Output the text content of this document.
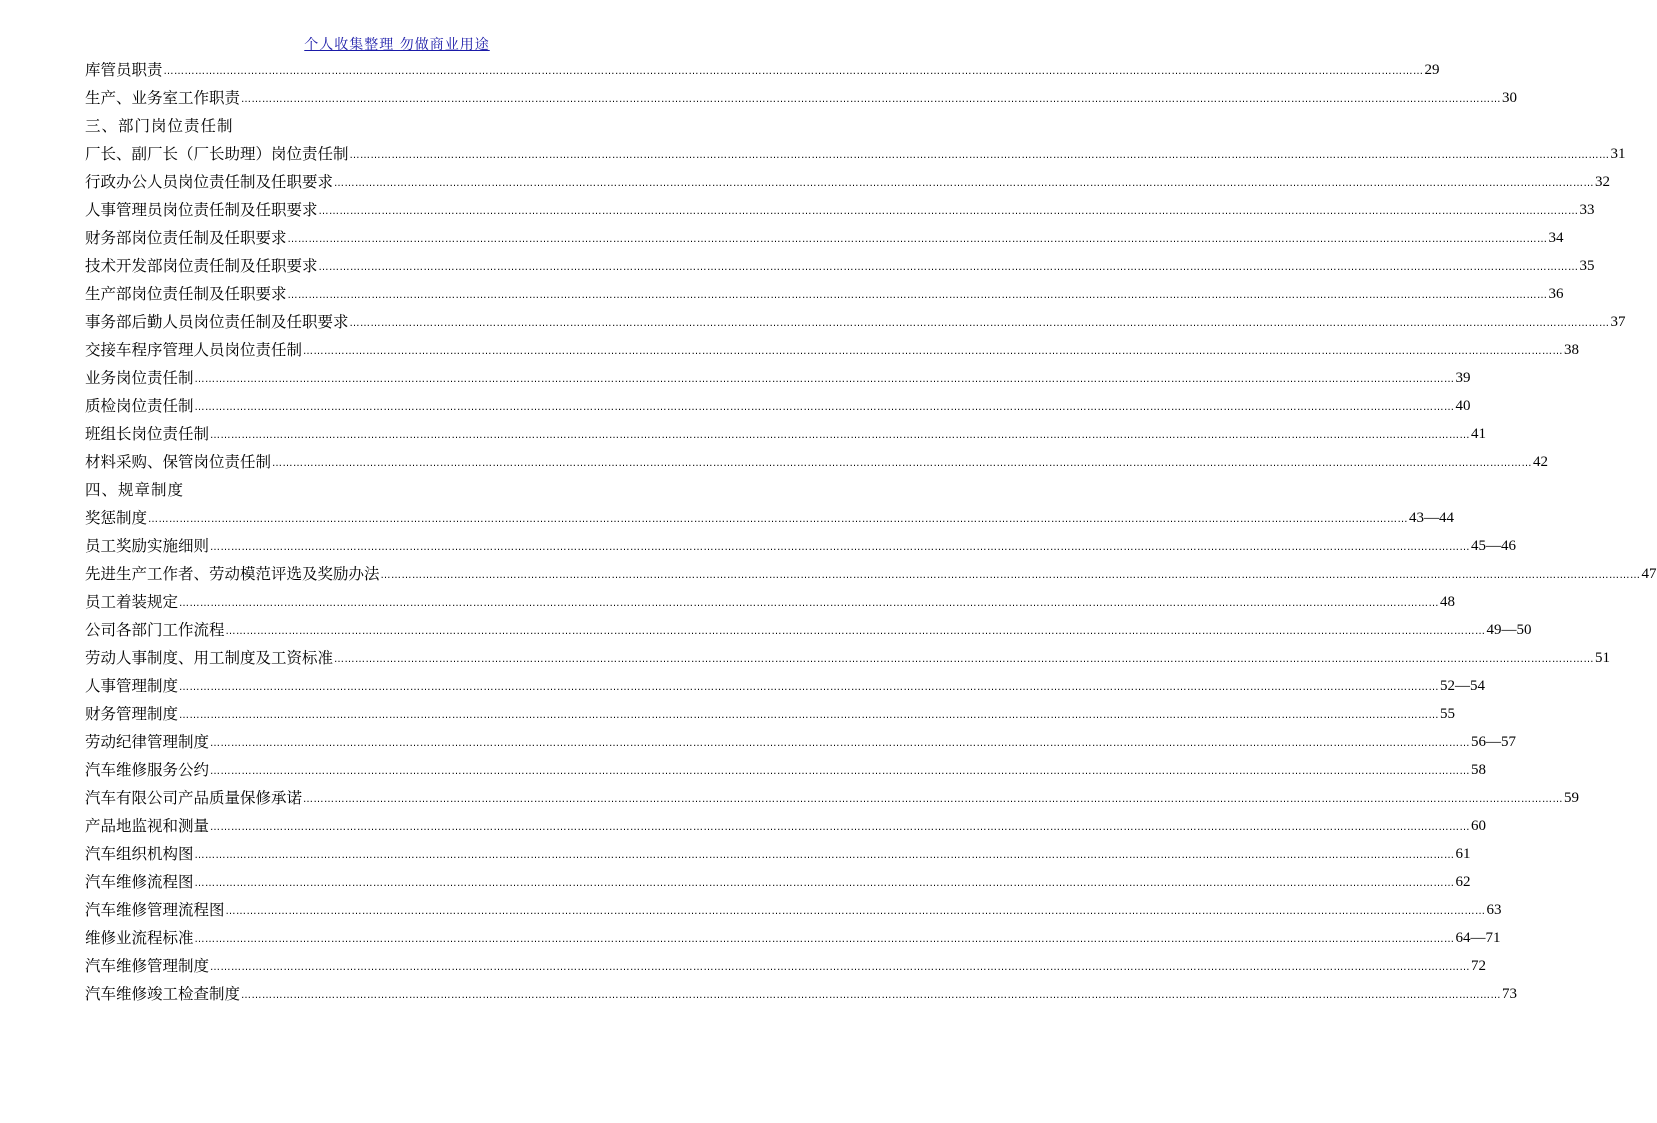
个人收集整理 勿做商业用途
库管员职责 ……………………………………………………………………………………………………………………………………………………………………………………………………………………………………………………………………………………………………………………………… 29
生产、业务室工作职责 ……………………………………………………………………………………………………………………………………………………………………………………………………………………………………………………………………………………………………………………………… 30
三、部门岗位责任制
厂长、副厂长（厂长助理）岗位责任制 ……………………………………………………………………………………………………………………………………………………………………………………………………………………………………………………………………………………………………………………………… 31
行政办公人员岗位责任制及任职要求 ……………………………………………………………………………………………………………………………………………………………………………………………………………………………………………………………………………………………………………………………… 32
人事管理员岗位责任制及任职要求 ……………………………………………………………………………………………………………………………………………………………………………………………………………………………………………………………………………………………………………………………… 33
财务部岗位责任制及任职要求 ……………………………………………………………………………………………………………………………………………………………………………………………………………………………………………………………………………………………………………………………… 34
技术开发部岗位责任制及任职要求 ……………………………………………………………………………………………………………………………………………………………………………………………………………………………………………………………………………………………………………………………… 35
生产部岗位责任制及任职要求 ……………………………………………………………………………………………………………………………………………………………………………………………………………………………………………………………………………………………………………………………… 36
事务部后勤人员岗位责任制及任职要求 ……………………………………………………………………………………………………………………………………………………………………………………………………………………………………………………………………………………………………………………………… 37
交接车程序管理人员岗位责任制 ……………………………………………………………………………………………………………………………………………………………………………………………………………………………………………………………………………………………………………………………… 38
业务岗位责任制 ……………………………………………………………………………………………………………………………………………………………………………………………………………………………………………………………………………………………………………………………… 39
质检岗位责任制 ……………………………………………………………………………………………………………………………………………………………………………………………………………………………………………………………………………………………………………………………… 40
班组长岗位责任制 ……………………………………………………………………………………………………………………………………………………………………………………………………………………………………………………………………………………………………………………………… 41
材料采购、保管岗位责任制 ……………………………………………………………………………………………………………………………………………………………………………………………………………………………………………………………………………………………………………………………… 42
四、规章制度
奖惩制度 ……………………………………………………………………………………………………………………………………………………………………………………………………………………………………………………………………………………………………………………………… 43—44
员工奖励实施细则 ……………………………………………………………………………………………………………………………………………………………………………………………………………………………………………………………………………………………………………………………… 45—46
先进生产工作者、劳动模范评选及奖励办法 ……………………………………………………………………………………………………………………………………………………………………………………………………………………………………………………………………………………………………………………………… 47
员工着装规定 ……………………………………………………………………………………………………………………………………………………………………………………………………………………………………………………………………………………………………………………………… 48
公司各部门工作流程 ……………………………………………………………………………………………………………………………………………………………………………………………………………………………………………………………………………………………………………………………… 49—50
劳动人事制度、用工制度及工资标准 ……………………………………………………………………………………………………………………………………………………………………………………………………………………………………………………………………………………………………………………………… 51
人事管理制度 ……………………………………………………………………………………………………………………………………………………………………………………………………………………………………………………………………………………………………………………………… 52—54
财务管理制度 ……………………………………………………………………………………………………………………………………………………………………………………………………………………………………………………………………………………………………………………………… 55
劳动纪律管理制度 ……………………………………………………………………………………………………………………………………………………………………………………………………………………………………………………………………………………………………………………………… 56—57
汽车维修服务公约 ……………………………………………………………………………………………………………………………………………………………………………………………………………………………………………………………………………………………………………………………… 58
汽车有限公司产品质量保修承诺 ……………………………………………………………………………………………………………………………………………………………………………………………………………………………………………………………………………………………………………………………… 59
产品地监视和测量 ……………………………………………………………………………………………………………………………………………………………………………………………………………………………………………………………………………………………………………………………… 60
汽车组织机构图 ……………………………………………………………………………………………………………………………………………………………………………………………………………………………………………………………………………………………………………………………… 61
汽车维修流程图 ……………………………………………………………………………………………………………………………………………………………………………………………………………………………………………………………………………………………………………………………… 62
汽车维修管理流程图 ……………………………………………………………………………………………………………………………………………………………………………………………………………………………………………………………………………………………………………………………… 63
维修业流程标准 ……………………………………………………………………………………………………………………………………………………………………………………………………………………………………………………………………………………………………………………………… 64—71
汽车维修管理制度 ……………………………………………………………………………………………………………………………………………………………………………………………………………………………………………………………………………………………………………………………… 72
汽车维修竣工检查制度 ……………………………………………………………………………………………………………………………………………………………………………………………………………………………………………………………………………………………………………………………… 73
